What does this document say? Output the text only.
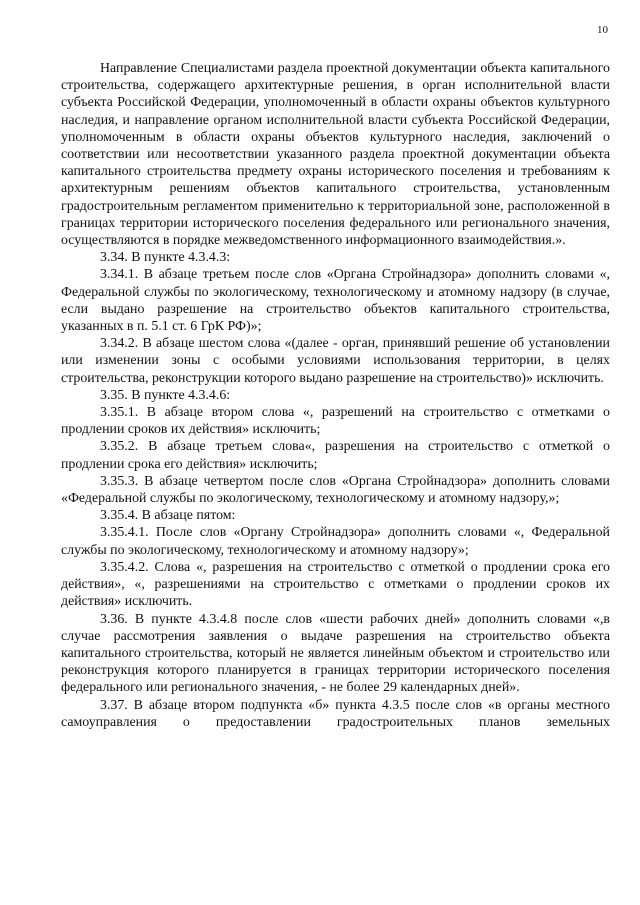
10

Направление Специалистами раздела проектной документации объекта капитального строительства, содержащего архитектурные решения, в орган исполнительной власти субъекта Российской Федерации, уполномоченный в области охраны объектов культурного наследия, и направление органом исполнительной власти субъекта Российской Федерации, уполномоченным в области охраны объектов культурного наследия, заключений о соответствии или несоответствии указанного раздела проектной документации объекта капитального строительства предмету охраны исторического поселения и требованиям к архитектурным решениям объектов капитального строительства, установленным градостроительным регламентом применительно к территориальной зоне, расположенной в границах территории исторического поселения федерального или регионального значения, осуществляются в порядке межведомственного информационного взаимодействия.».

3.34. В пункте 4.3.4.3:

3.34.1. В абзаце третьем после слов «Органа Стройнадзора» дополнить словами «, Федеральной службы по экологическому, технологическому и атомному надзору (в случае, если выдано разрешение на строительство объектов капитального строительства, указанных в п. 5.1 ст. 6 ГрК РФ)»;

3.34.2. В абзаце шестом слова «(далее - орган, принявший решение об установлении или изменении зоны с особыми условиями использования территории, в целях строительства, реконструкции которого выдано разрешение на строительство)» исключить.

3.35. В пункте 4.3.4.6:

3.35.1. В абзаце втором слова «, разрешений на строительство с отметками о продлении сроков их действия» исключить;

3.35.2. В абзаце третьем слова«, разрешения на строительство с отметкой о продлении срока его действия» исключить;

3.35.3. В абзаце четвертом после слов «Органа Стройнадзора» дополнить словами «Федеральной службы по экологическому, технологическому и атомному надзору,»;

3.35.4. В абзаце пятом:

3.35.4.1. После слов «Органу Стройнадзора» дополнить словами «, Федеральной службы по экологическому, технологическому и атомному надзору»;

3.35.4.2. Слова «, разрешения на строительство с отметкой о продлении срока его действия», «, разрешениями на строительство с отметками о продлении сроков их действия» исключить.

3.36. В пункте 4.3.4.8 после слов «шести рабочих дней» дополнить словами «,в случае рассмотрения заявления о выдаче разрешения на строительство объекта капитального строительства, который не является линейным объектом и строительство или реконструкция которого планируется в границах территории исторического поселения федерального или регионального значения, - не более 29 календарных дней».

3.37. В абзаце втором подпункта «б» пункта 4.3.5 после слов «в органы местного самоуправления о предоставлении градостроительных планов земельных
